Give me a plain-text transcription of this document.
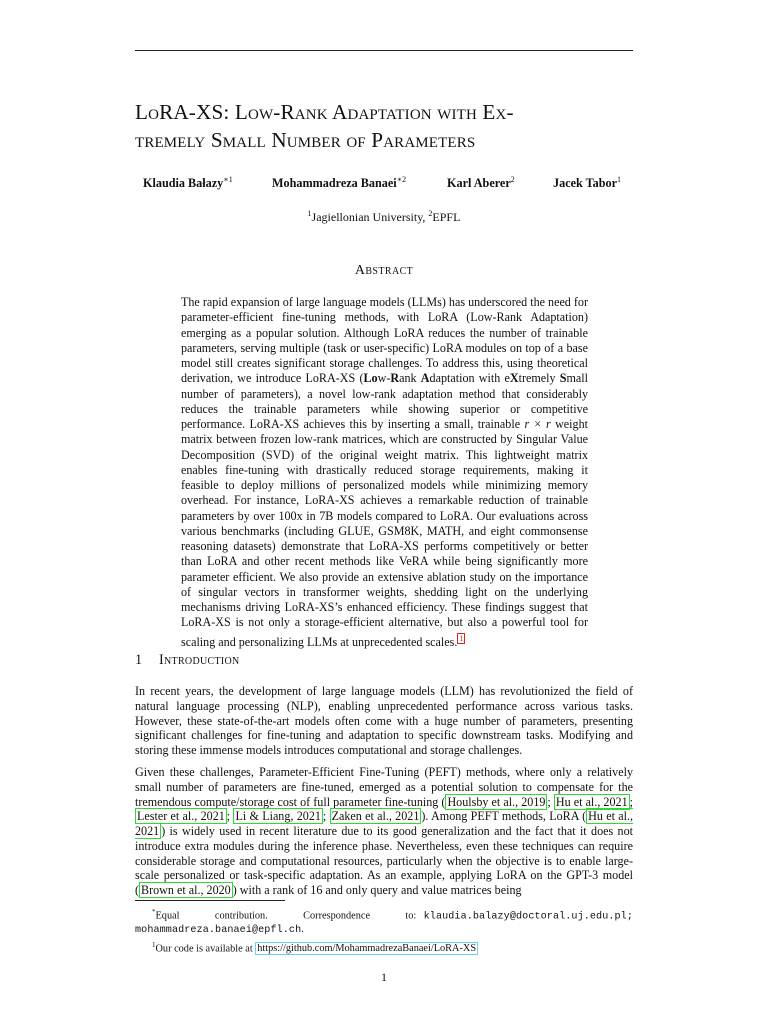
LoRA-XS: Low-Rank Adaptation with Ex-
tremely Small Number of Parameters
Klaudia Bałazy$^{∗1}$	Mohammadreza Banaei$^{∗2}$	Karl Aberer$^2$	Jacek Tabor$^1$
$^1$Jagiellonian University, $^2$EPFL
Abstract

The rapid expansion of large language models (LLMs) has underscored the need for parameter-efficient fine-tuning methods, with LoRA (Low-Rank Adaptation) emerging as a popular solution. Although LoRA reduces the number of trainable parameters, serving multiple (task or user-specific) LoRA modules on top of a base model still creates significant storage challenges. To address this, using theoretical derivation, we introduce LoRA-XS (Low-Rank Adaptation with eXtremely Small number of parameters), a novel low-rank adaptation method that considerably reduces the trainable parameters while showing superior or competitive performance. LoRA-XS achieves this by inserting a small, trainable r × r weight matrix between frozen low-rank matrices, which are constructed by Singular Value Decomposition (SVD) of the original weight matrix. This lightweight matrix enables fine-tuning with drastically reduced storage requirements, making it feasible to deploy millions of personalized models while minimizing memory overhead. For instance, LoRA-XS achieves a remarkable reduction of trainable parameters by over 100x in 7B models compared to LoRA. Our evaluations across various benchmarks (including GLUE, GSM8K, MATH, and eight commonsense reasoning datasets) demonstrate that LoRA-XS performs competitively or better than LoRA and other recent methods like VeRA while being significantly more parameter efficient. We also provide an extensive ablation study on the importance of singular vectors in transformer weights, shedding light on the underlying mechanisms driving LoRA-XS’s enhanced efficiency. These findings suggest that LoRA-XS is not only a storage-efficient alternative, but also a powerful tool for scaling and personalizing LLMs at unprecedented scales. $^1$

1 Introduction

In recent years, the development of large language models (LLM) has revolutionized the field of natural language processing (NLP), enabling unprecedented performance across various tasks. However, these state-of-the-art models often come with a huge number of parameters, presenting significant challenges for fine-tuning and adaptation to specific downstream tasks. Modifying and storing these immense models introduces computational and storage challenges.

Given these challenges, Parameter-Efficient Fine-Tuning (PEFT) methods, where only a relatively small number of parameters are fine-tuned, emerged as a potential solution to compensate for the tremendous compute/storage cost of full parameter fine-tuning ( Houlsby et al., 2019 ; Hu et al., 2021 ; Lester et al., 2021 ; Li & Liang, 2021 ; Zaken et al., 2021 ). Among PEFT methods, LoRA ( Hu et al., 2021 ) is widely used in recent literature due to its good generalization and the fact that it does not introduce extra modules during the inference phase. Nevertheless, even these techniques can require considerable storage and computational resources, particularly when the objective is to enable large-scale personalized or task-specific adaptation. As an example, applying LoRA on the GPT-3 model ( Brown et al., 2020 ) with a rank of 16 and only query and value matrices being

*Equal contribution. Correspondence to: klaudia.balazy@doctoral.uj.edu.pl; mohammadreza.banaei@epfl.ch.

$^1$Our code is available at https://github.com/MohammadrezaBanaei/LoRA-XS

1
